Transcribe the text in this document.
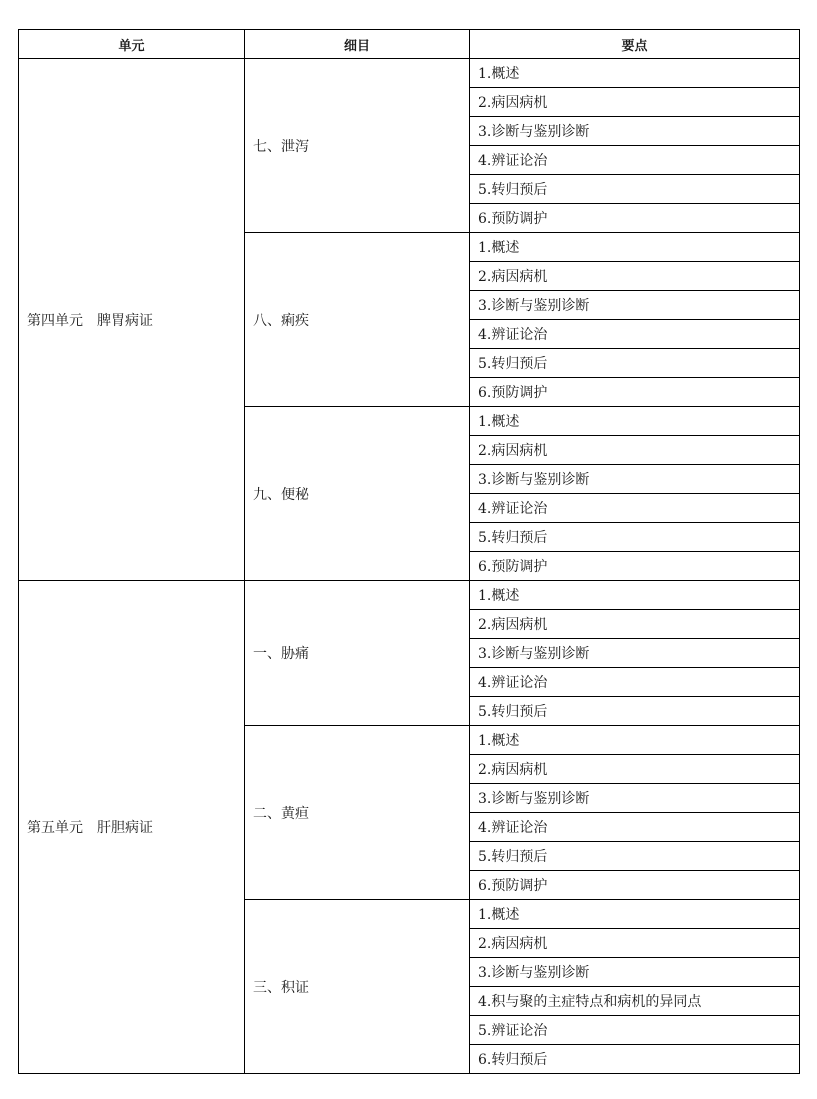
单元	细目	要点
第四单元　脾胃病证	七、泄泻	1.概述
		2.病因病机
		3.诊断与鉴别诊断
		4.辨证论治
		5.转归预后
		6.预防调护
	八、痢疾	1.概述
		2.病因病机
		3.诊断与鉴别诊断
		4.辨证论治
		5.转归预后
		6.预防调护
	九、便秘	1.概述
		2.病因病机
		3.诊断与鉴别诊断
		4.辨证论治
		5.转归预后
		6.预防调护
第五单元　肝胆病证	一、胁痛	1.概述
		2.病因病机
		3.诊断与鉴别诊断
		4.辨证论治
		5.转归预后
	二、黄疸	1.概述
		2.病因病机
		3.诊断与鉴别诊断
		4.辨证论治
		5.转归预后
		6.预防调护
	三、积证	1.概述
		2.病因病机
		3.诊断与鉴别诊断
		4.积与聚的主症特点和病机的异同点
		5.辨证论治
		6.转归预后
